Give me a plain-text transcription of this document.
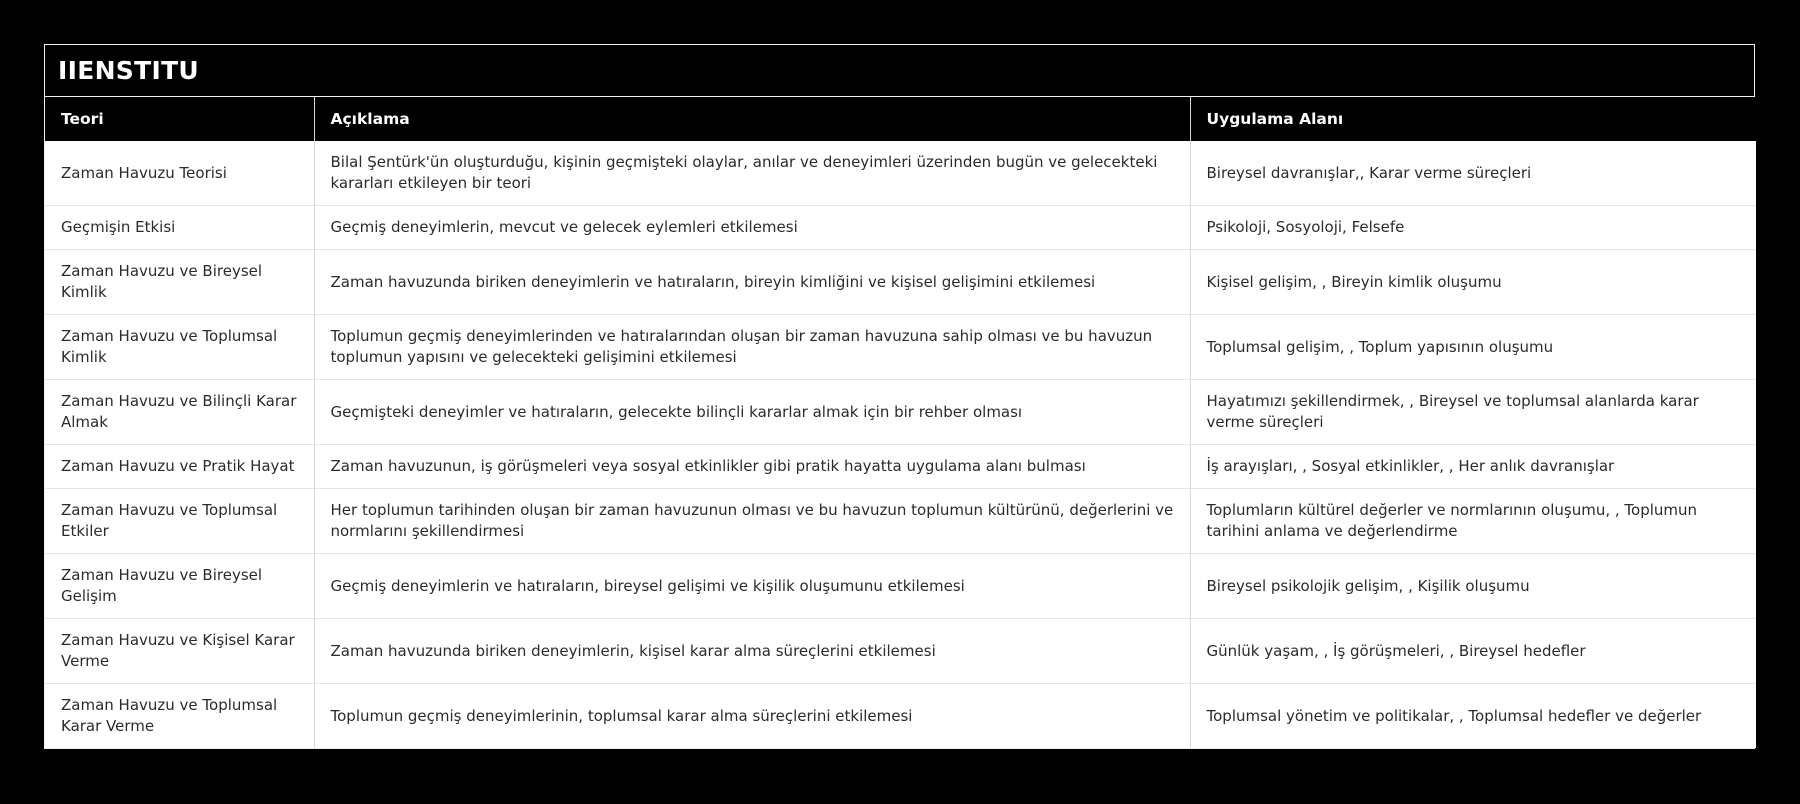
IIENSTITU
Teori	Açıklama	Uygulama Alanı
Zaman Havuzu Teorisi	Bilal Şentürk'ün oluşturduğu, kişinin geçmişteki olaylar, anılar ve deneyimleri üzerinden bugün ve gelecekteki kararları etkileyen bir teori	Bireysel davranışlar,, Karar verme süreçleri
Geçmişin Etkisi	Geçmiş deneyimlerin, mevcut ve gelecek eylemleri etkilemesi	Psikoloji, Sosyoloji, Felsefe
Zaman Havuzu ve Bireysel Kimlik	Zaman havuzunda biriken deneyimlerin ve hatıraların, bireyin kimliğini ve kişisel gelişimini etkilemesi	Kişisel gelişim, , Bireyin kimlik oluşumu
Zaman Havuzu ve Toplumsal Kimlik	Toplumun geçmiş deneyimlerinden ve hatıralarından oluşan bir zaman havuzuna sahip olması ve bu havuzun toplumun yapısını ve gelecekteki gelişimini etkilemesi	Toplumsal gelişim, , Toplum yapısının oluşumu
Zaman Havuzu ve Bilinçli Karar Almak	Geçmişteki deneyimler ve hatıraların, gelecekte bilinçli kararlar almak için bir rehber olması	Hayatımızı şekillendirmek, , Bireysel ve toplumsal alanlarda karar verme süreçleri
Zaman Havuzu ve Pratik Hayat	Zaman havuzunun, iş görüşmeleri veya sosyal etkinlikler gibi pratik hayatta uygulama alanı bulması	İş arayışları, , Sosyal etkinlikler, , Her anlık davranışlar
Zaman Havuzu ve Toplumsal Etkiler	Her toplumun tarihinden oluşan bir zaman havuzunun olması ve bu havuzun toplumun kültürünü, değerlerini ve normlarını şekillendirmesi	Toplumların kültürel değerler ve normlarının oluşumu, , Toplumun tarihini anlama ve değerlendirme
Zaman Havuzu ve Bireysel Gelişim	Geçmiş deneyimlerin ve hatıraların, bireysel gelişimi ve kişilik oluşumunu etkilemesi	Bireysel psikolojik gelişim, , Kişilik oluşumu
Zaman Havuzu ve Kişisel Karar Verme	Zaman havuzunda biriken deneyimlerin, kişisel karar alma süreçlerini etkilemesi	Günlük yaşam, , İş görüşmeleri, , Bireysel hedefler
Zaman Havuzu ve Toplumsal Karar Verme	Toplumun geçmiş deneyimlerinin, toplumsal karar alma süreçlerini etkilemesi	Toplumsal yönetim ve politikalar, , Toplumsal hedefler ve değerler
